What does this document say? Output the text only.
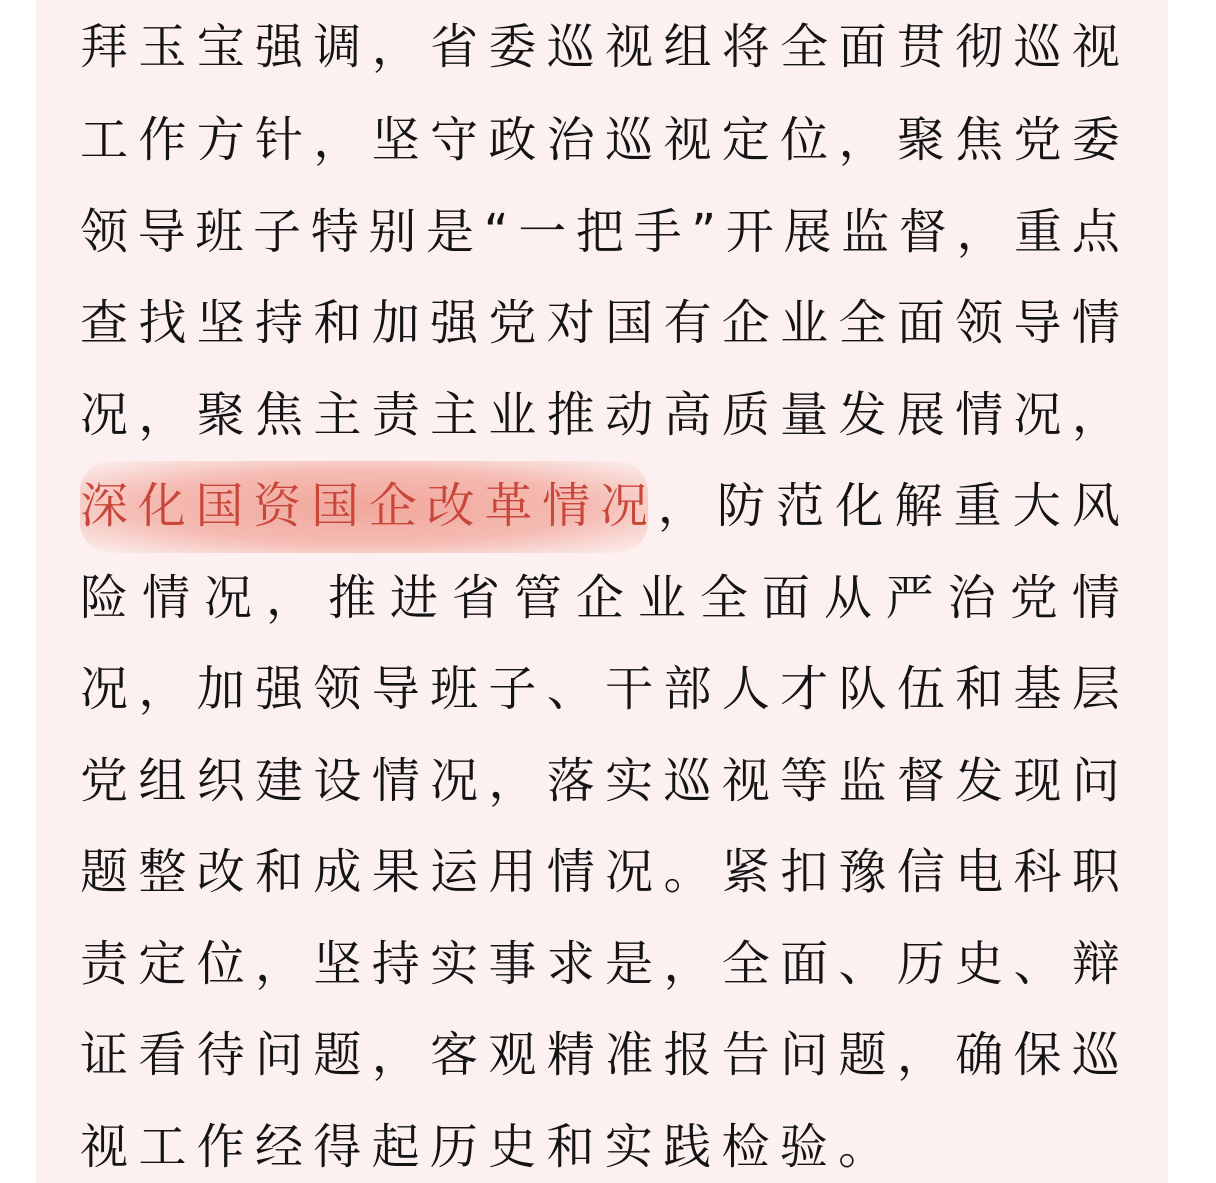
拜 玉 宝 强 调 ， 省 委 巡 视 组 将 全 面 贯 彻 巡 视
工 作 方 针 ， 坚 守 政 治 巡 视 定 位 ， 聚 焦 党 委
领 导 班 子 特 别 是 “ 一 把 手 ” 开 展 监 督 ， 重 点
查 找 坚 持 和 加 强 党 对 国 有 企 业 全 面 领 导 情
况 ， 聚 焦 主 责 主 业 推 动 高 质 量 发 展 情 况 ，
深 化 国 资 国 企 改 革 情 况 ， 防 范 化 解 重 大 风
险 情 况 ， 推 进 省 管 企 业 全 面 从 严 治 党 情
况 ， 加 强 领 导 班 子 、 干 部 人 才 队 伍 和 基 层
党 组 织 建 设 情 况 ， 落 实 巡 视 等 监 督 发 现 问
题 整 改 和 成 果 运 用 情 况 。 紧 扣 豫 信 电 科 职
责 定 位 ， 坚 持 实 事 求 是 ， 全 面 、 历 史 、 辩
证 看 待 问 题 ， 客 观 精 准 报 告 问 题 ， 确 保 巡
视 工 作 经 得 起 历 史 和 实 践 检 验 。
